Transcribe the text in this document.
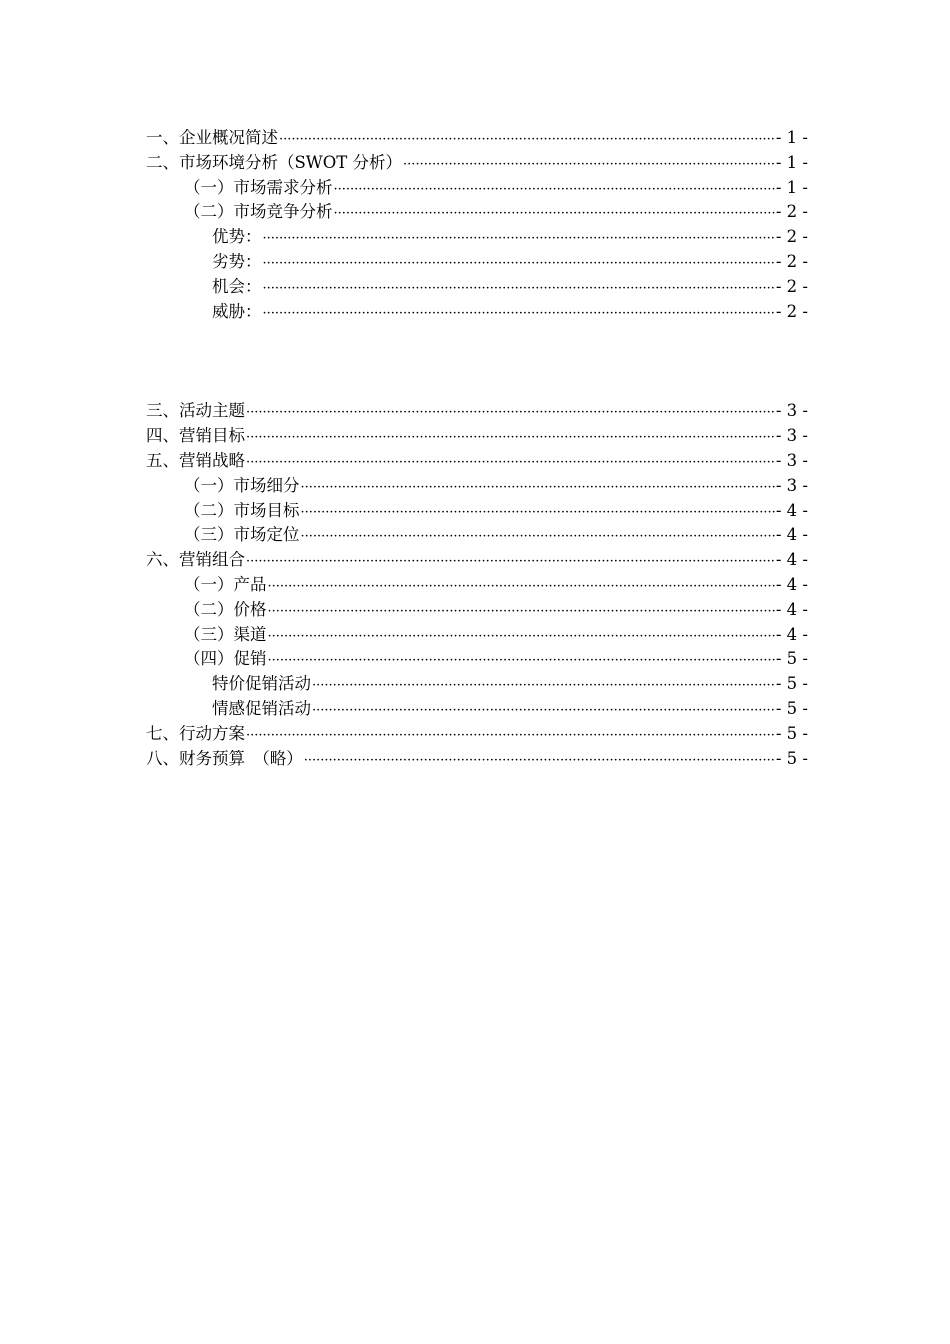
一、企业概况简述 ·····	- 1 -
二、市场环境分析（SWOT 分析） ·····	- 1 -
（一）市场需求分析 ·····	- 1 -
（二）市场竞争分析 ·····	- 2 -
优势： ·····	- 2 -
劣势： ·····	- 2 -
机会： ·····	- 2 -
威胁： ·····	- 2 -
三、活动主题 ·····	- 3 -
四、营销目标 ·····	- 3 -
五、营销战略 ·····	- 3 -
（一）市场细分 ·····	- 3 -
（二）市场目标 ·····	- 4 -
（三）市场定位 ·····	- 4 -
六、营销组合 ·····	- 4 -
（一）产品 ·····	- 4 -
（二）价格 ·····	- 4 -
（三）渠道 ·····	- 4 -
（四）促销 ·····	- 5 -
特价促销活动 ·····	- 5 -
情感促销活动 ·····	- 5 -
七、行动方案 ·····	- 5 -
八、财务预算　（略） ·····	- 5 -
